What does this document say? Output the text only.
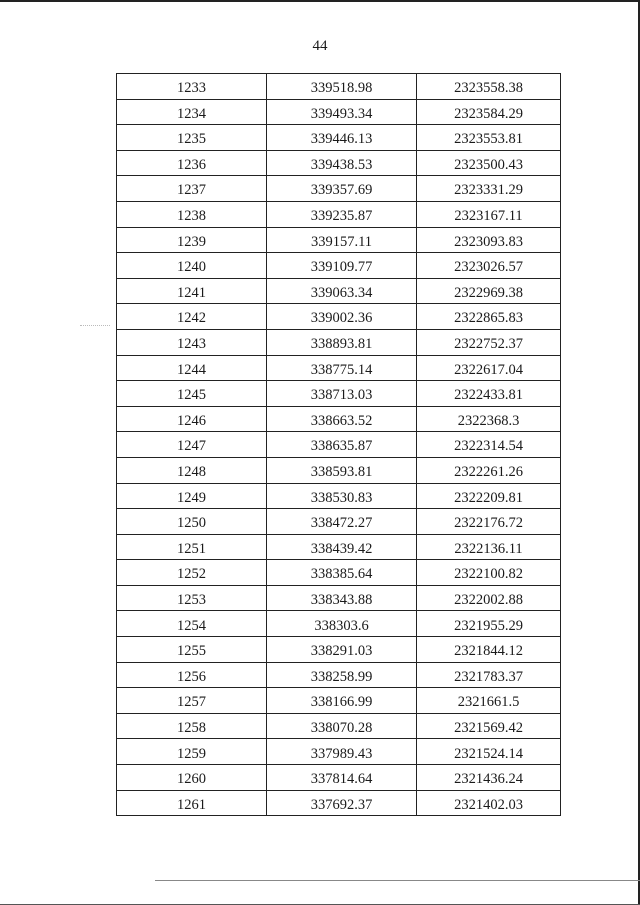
44
1233	339518.98	2323558.38
1234	339493.34	2323584.29
1235	339446.13	2323553.81
1236	339438.53	2323500.43
1237	339357.69	2323331.29
1238	339235.87	2323167.11
1239	339157.11	2323093.83
1240	339109.77	2323026.57
1241	339063.34	2322969.38
1242	339002.36	2322865.83
1243	338893.81	2322752.37
1244	338775.14	2322617.04
1245	338713.03	2322433.81
1246	338663.52	2322368.3
1247	338635.87	2322314.54
1248	338593.81	2322261.26
1249	338530.83	2322209.81
1250	338472.27	2322176.72
1251	338439.42	2322136.11
1252	338385.64	2322100.82
1253	338343.88	2322002.88
1254	338303.6	2321955.29
1255	338291.03	2321844.12
1256	338258.99	2321783.37
1257	338166.99	2321661.5
1258	338070.28	2321569.42
1259	337989.43	2321524.14
1260	337814.64	2321436.24
1261	337692.37	2321402.03
